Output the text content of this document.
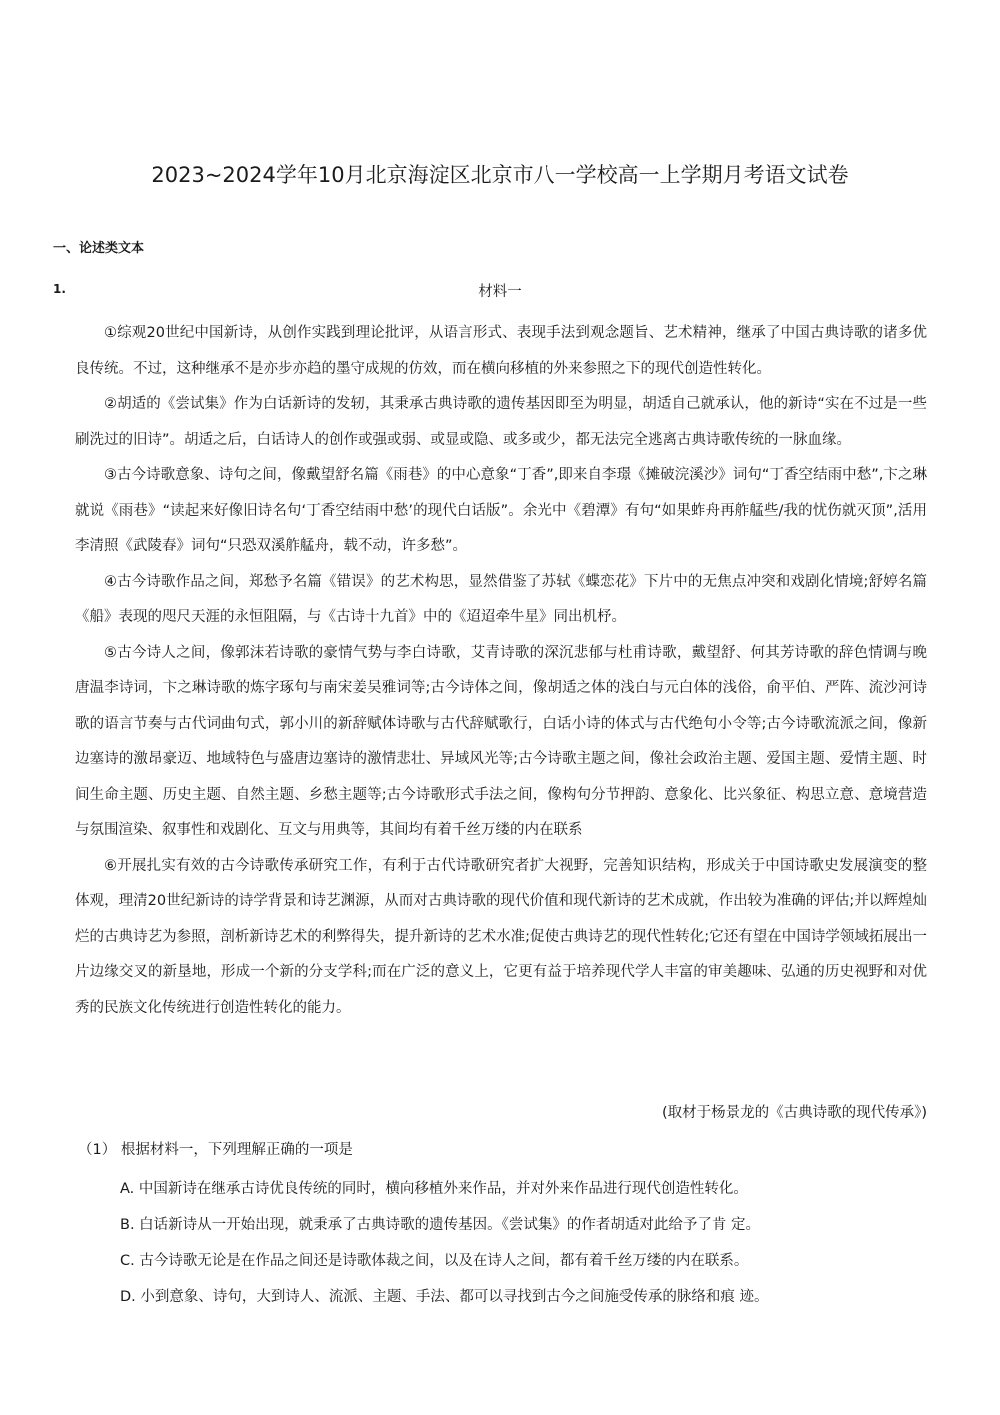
2023~2024学年10月北京海淀区北京市八一学校高一上学期月考语文试卷
一、论述类文本
1.	材料一

①综观20世纪中国新诗，从创作实践到理论批评，从语言形式、表现手法到观念题旨、艺术精神，继承了中国古典诗歌的诸多优良传统。不过，这种继承不是亦步亦趋的墨守成规的仿效，而在横向移植的外来参照之下的现代创造性转化。

②胡适的《尝试集》作为白话新诗的发轫，其秉承古典诗歌的遗传基因即至为明显，胡适自己就承认，他的新诗“实在不过是一些刷洗过的旧诗”。胡适之后，白话诗人的创作或强或弱、或显或隐、或多或少，都无法完全逃离古典诗歌传统的一脉血缘。

③古今诗歌意象、诗句之间，像戴望舒名篇《雨巷》的中心意象“丁香”,即来自李璟《摊破浣溪沙》词句“丁香空结雨中愁”,卞之琳就说《雨巷》“读起来好像旧诗名句‘丁香空结雨中愁’的现代白话版”。余光中《碧潭》有句“如果蚱舟再舴艋些/我的忧伤就灭顶”,活用李清照《武陵春》词句“只恐双溪舴艋舟，载不动，许多愁”。

④古今诗歌作品之间，郑愁予名篇《错误》的艺术构思，显然借鉴了苏轼《蝶恋花》下片中的无焦点冲突和戏剧化情境;舒婷名篇《船》表现的咫尺天涯的永恒阻隔，与《古诗十九首》中的《迢迢牵牛星》同出机杼。

⑤古今诗人之间，像郭沫若诗歌的豪情气势与李白诗歌，艾青诗歌的深沉悲郁与杜甫诗歌，戴望舒、何其芳诗歌的辞色情调与晚唐温李诗词，卞之琳诗歌的炼字琢句与南宋姜吴雅词等;古今诗体之间，像胡适之体的浅白与元白体的浅俗，俞平伯、严阵、流沙河诗歌的语言节奏与古代词曲句式，郭小川的新辞赋体诗歌与古代辞赋歌行，白话小诗的体式与古代绝句小令等;古今诗歌流派之间，像新边塞诗的激昂豪迈、地域特色与盛唐边塞诗的激情悲壮、异域风光等;古今诗歌主题之间，像社会政治主题、爱国主题、爱情主题、时间生命主题、历史主题、自然主题、乡愁主题等;古今诗歌形式手法之间，像构句分节押韵、意象化、比兴象征、构思立意、意境营造与氛围渲染、叙事性和戏剧化、互文与用典等，其间均有着千丝万缕的内在联系

⑥开展扎实有效的古今诗歌传承研究工作，有利于古代诗歌研究者扩大视野，完善知识结构，形成关于中国诗歌史发展演变的整体观，理清20世纪新诗的诗学背景和诗艺渊源，从而对古典诗歌的现代价值和现代新诗的艺术成就，作出较为准确的评估;并以辉煌灿烂的古典诗艺为参照，剖析新诗艺术的利弊得失，提升新诗的艺术水准;促使古典诗艺的现代性转化;它还有望在中国诗学领域拓展出一片边缘交叉的新垦地，形成一个新的分支学科;而在广泛的意义上，它更有益于培养现代学人丰富的审美趣味、弘通的历史视野和对优秀的民族文化传统进行创造性转化的能力。

(取材于杨景龙的《古典诗歌的现代传承》)
（1） 根据材料一，下列理解正确的一项是
A. 中国新诗在继承古诗优良传统的同时，横向移植外来作品，并对外来作品进行现代创造性转化。
B. 白话新诗从一开始出现，就秉承了古典诗歌的遗传基因。《尝试集》的作者胡适对此给予了肯 定。
C. 古今诗歌无论是在作品之间还是诗歌体裁之间，以及在诗人之间，都有着千丝万缕的内在联系。
D. 小到意象、诗句，大到诗人、流派、主题、手法、都可以寻找到古今之间施受传承的脉络和痕 迹。
